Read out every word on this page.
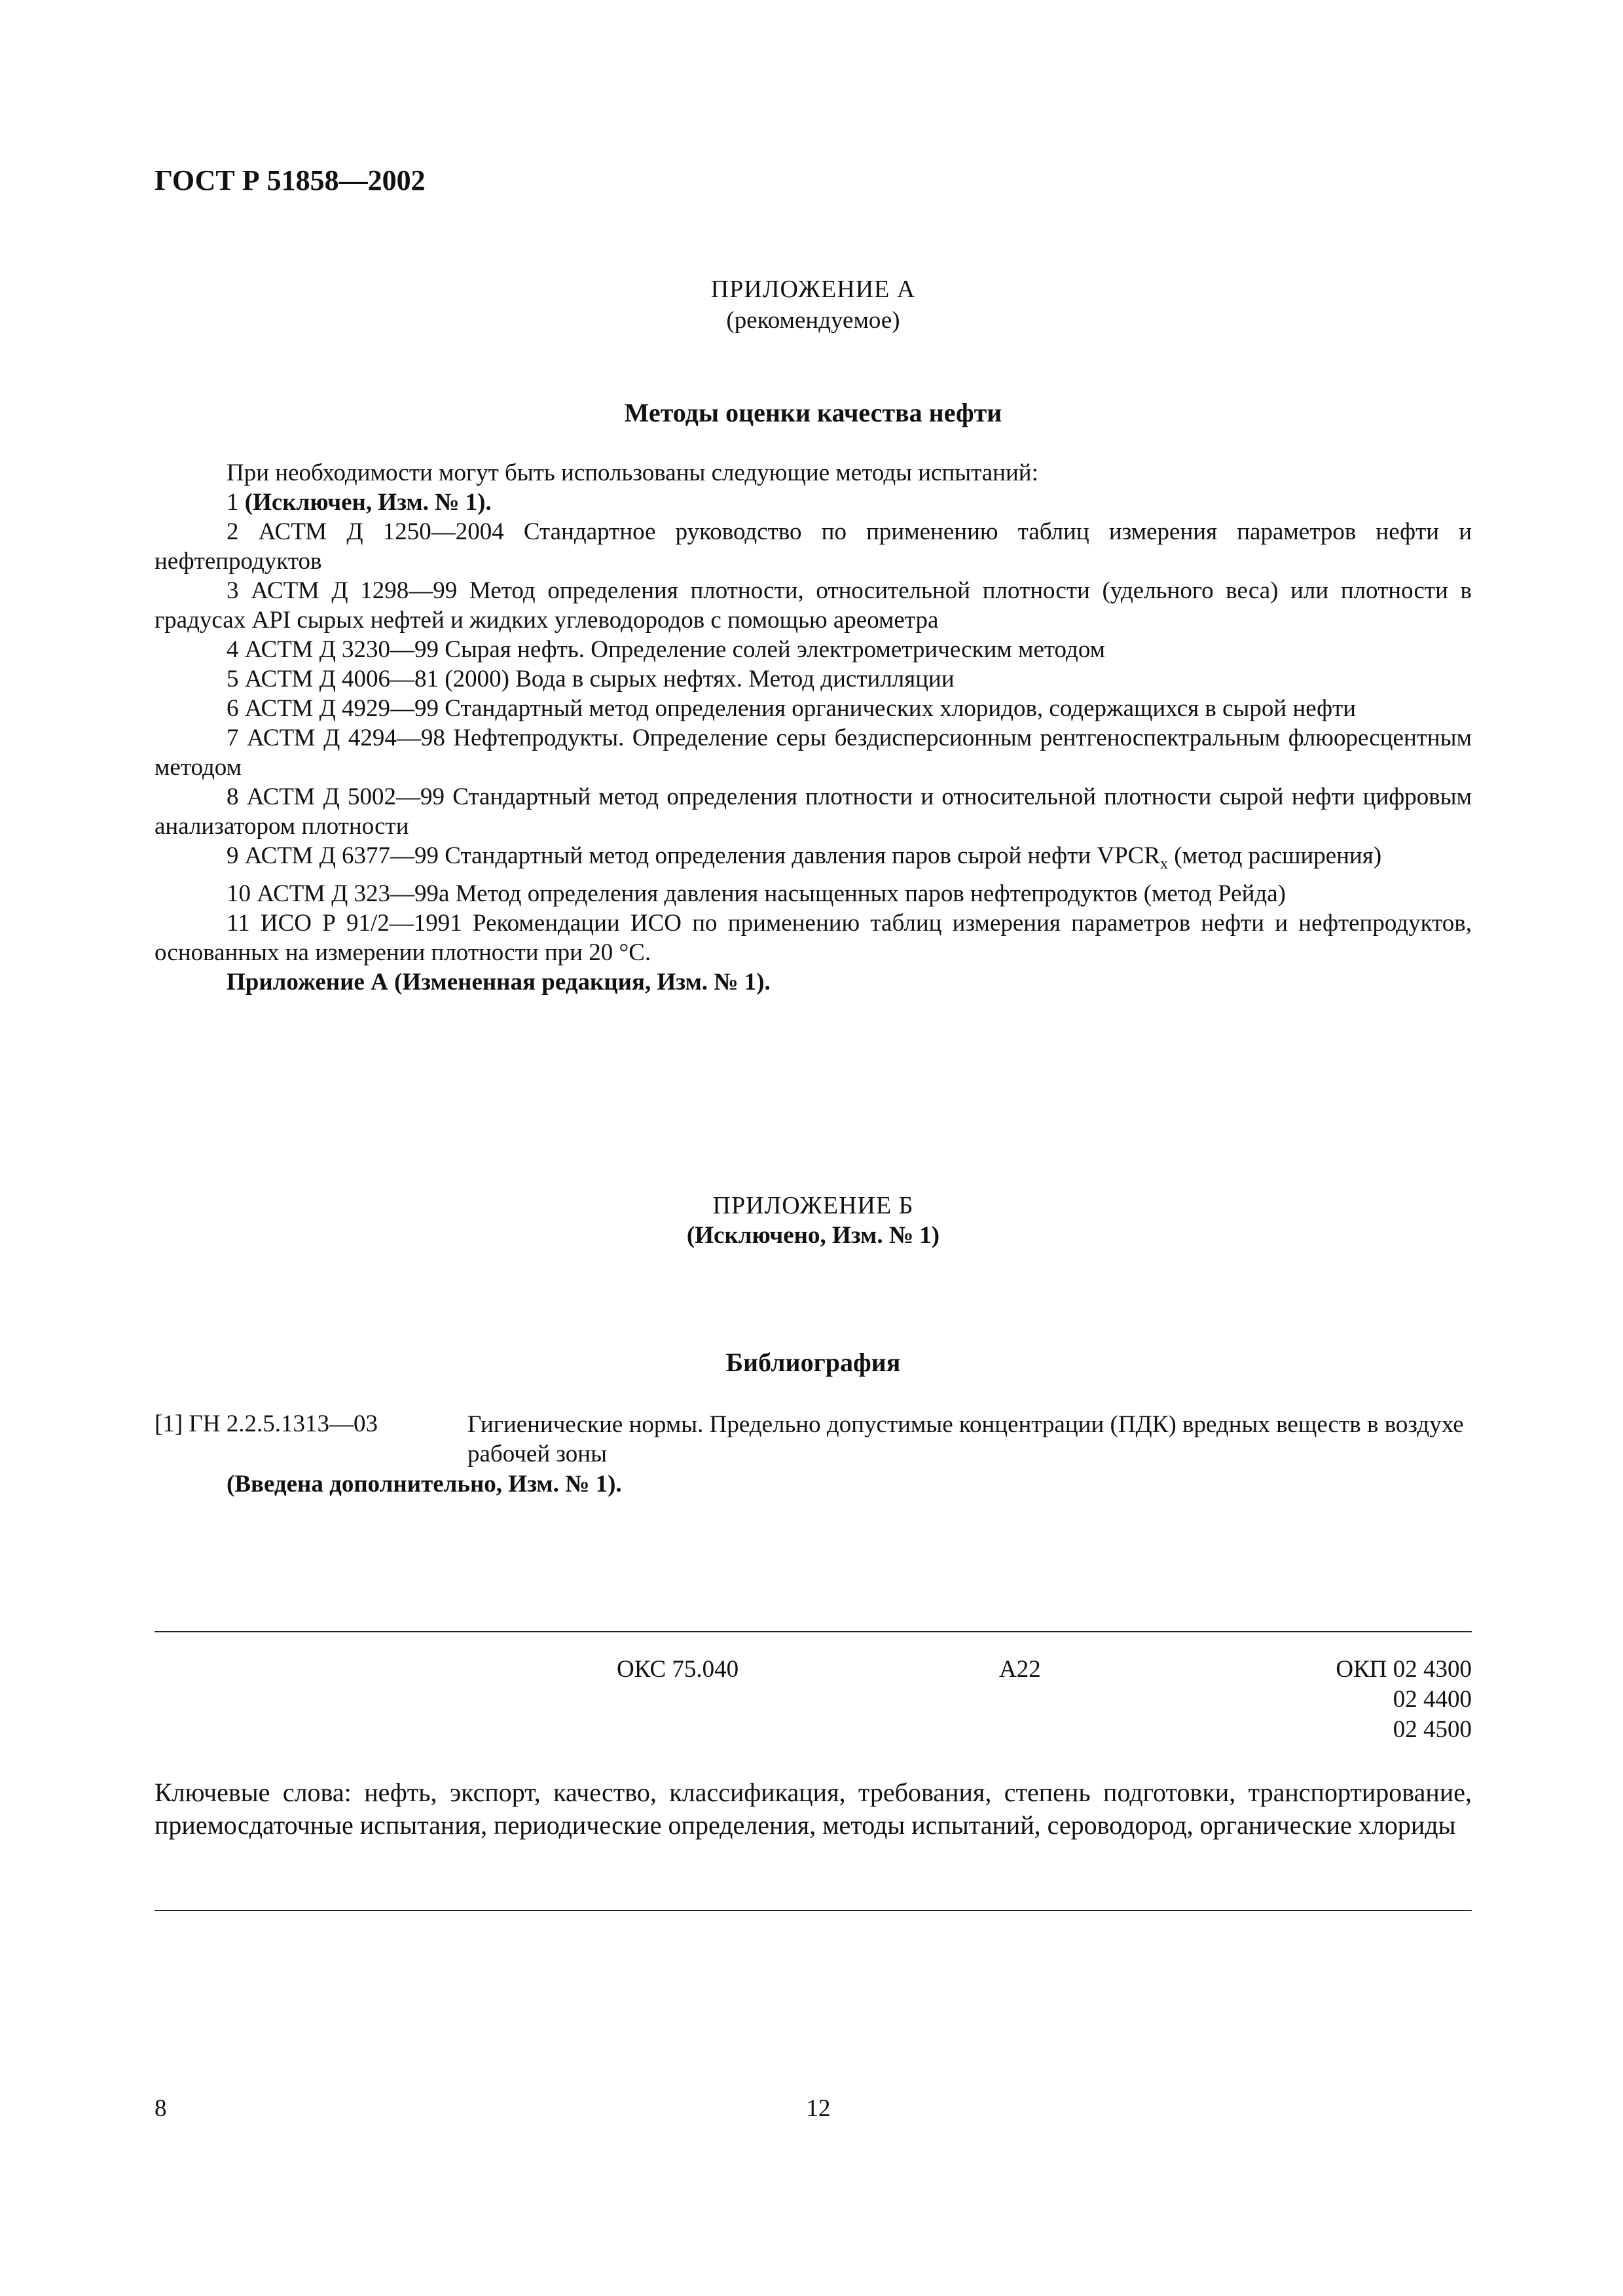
ГОСТ Р 51858—2002
ПРИЛОЖЕНИЕ А
(рекомендуемое)
Методы оценки качества нефти

При необходимости могут быть использованы следующие методы испытаний:

1 (Исключен, Изм. № 1).

2 АСТМ Д 1250—2004 Стандартное руководство по применению таблиц измерения параметров нефти и нефтепродуктов

3 АСТМ Д 1298—99 Метод определения плотности, относительной плотности (удельного веса) или плотности в градусах API сырых нефтей и жидких углеводородов с помощью ареометра

4 АСТМ Д 3230—99 Сырая нефть. Определение солей электрометрическим методом

5 АСТМ Д 4006—81 (2000) Вода в сырых нефтях. Метод дистилляции

6 АСТМ Д 4929—99 Стандартный метод определения органических хлоридов, содержащихся в сырой нефти

7 АСТМ Д 4294—98 Нефтепродукты. Определение серы бездисперсионным рентгеноспектральным флюоресцентным методом

8 АСТМ Д 5002—99 Стандартный метод определения плотности и относительной плотности сырой нефти цифровым анализатором плотности

9 АСТМ Д 6377—99 Стандартный метод определения давления паров сырой нефти $VPCR_x$ (метод расширения)

10 АСТМ Д 323—99а Метод определения давления насыщенных паров нефтепродуктов (метод Рейда)

11 ИСО Р 91/2—1991 Рекомендации ИСО по применению таблиц измерения параметров нефти и нефтепродуктов, основанных на измерении плотности при 20 °С.

Приложение А (Измененная редакция, Изм. № 1).

ПРИЛОЖЕНИЕ Б
(Исключено, Изм. № 1)
Библиография
[1] ГН 2.2.5.1313—03	Гигиенические нормы. Предельно допустимые концентрации (ПДК) вредных веществ в воздухе рабочей зоны
(Введена дополнительно, Изм. № 1).
ОКС 75.040	А22	ОКП 02 4300
02 4400
02 4500
Ключевые слова: нефть, экспорт, качество, классификация, требования, степень подготовки, транспортирование, приемосдаточные испытания, периодические определения, методы испытаний, сероводород, органические хлориды
8	12
